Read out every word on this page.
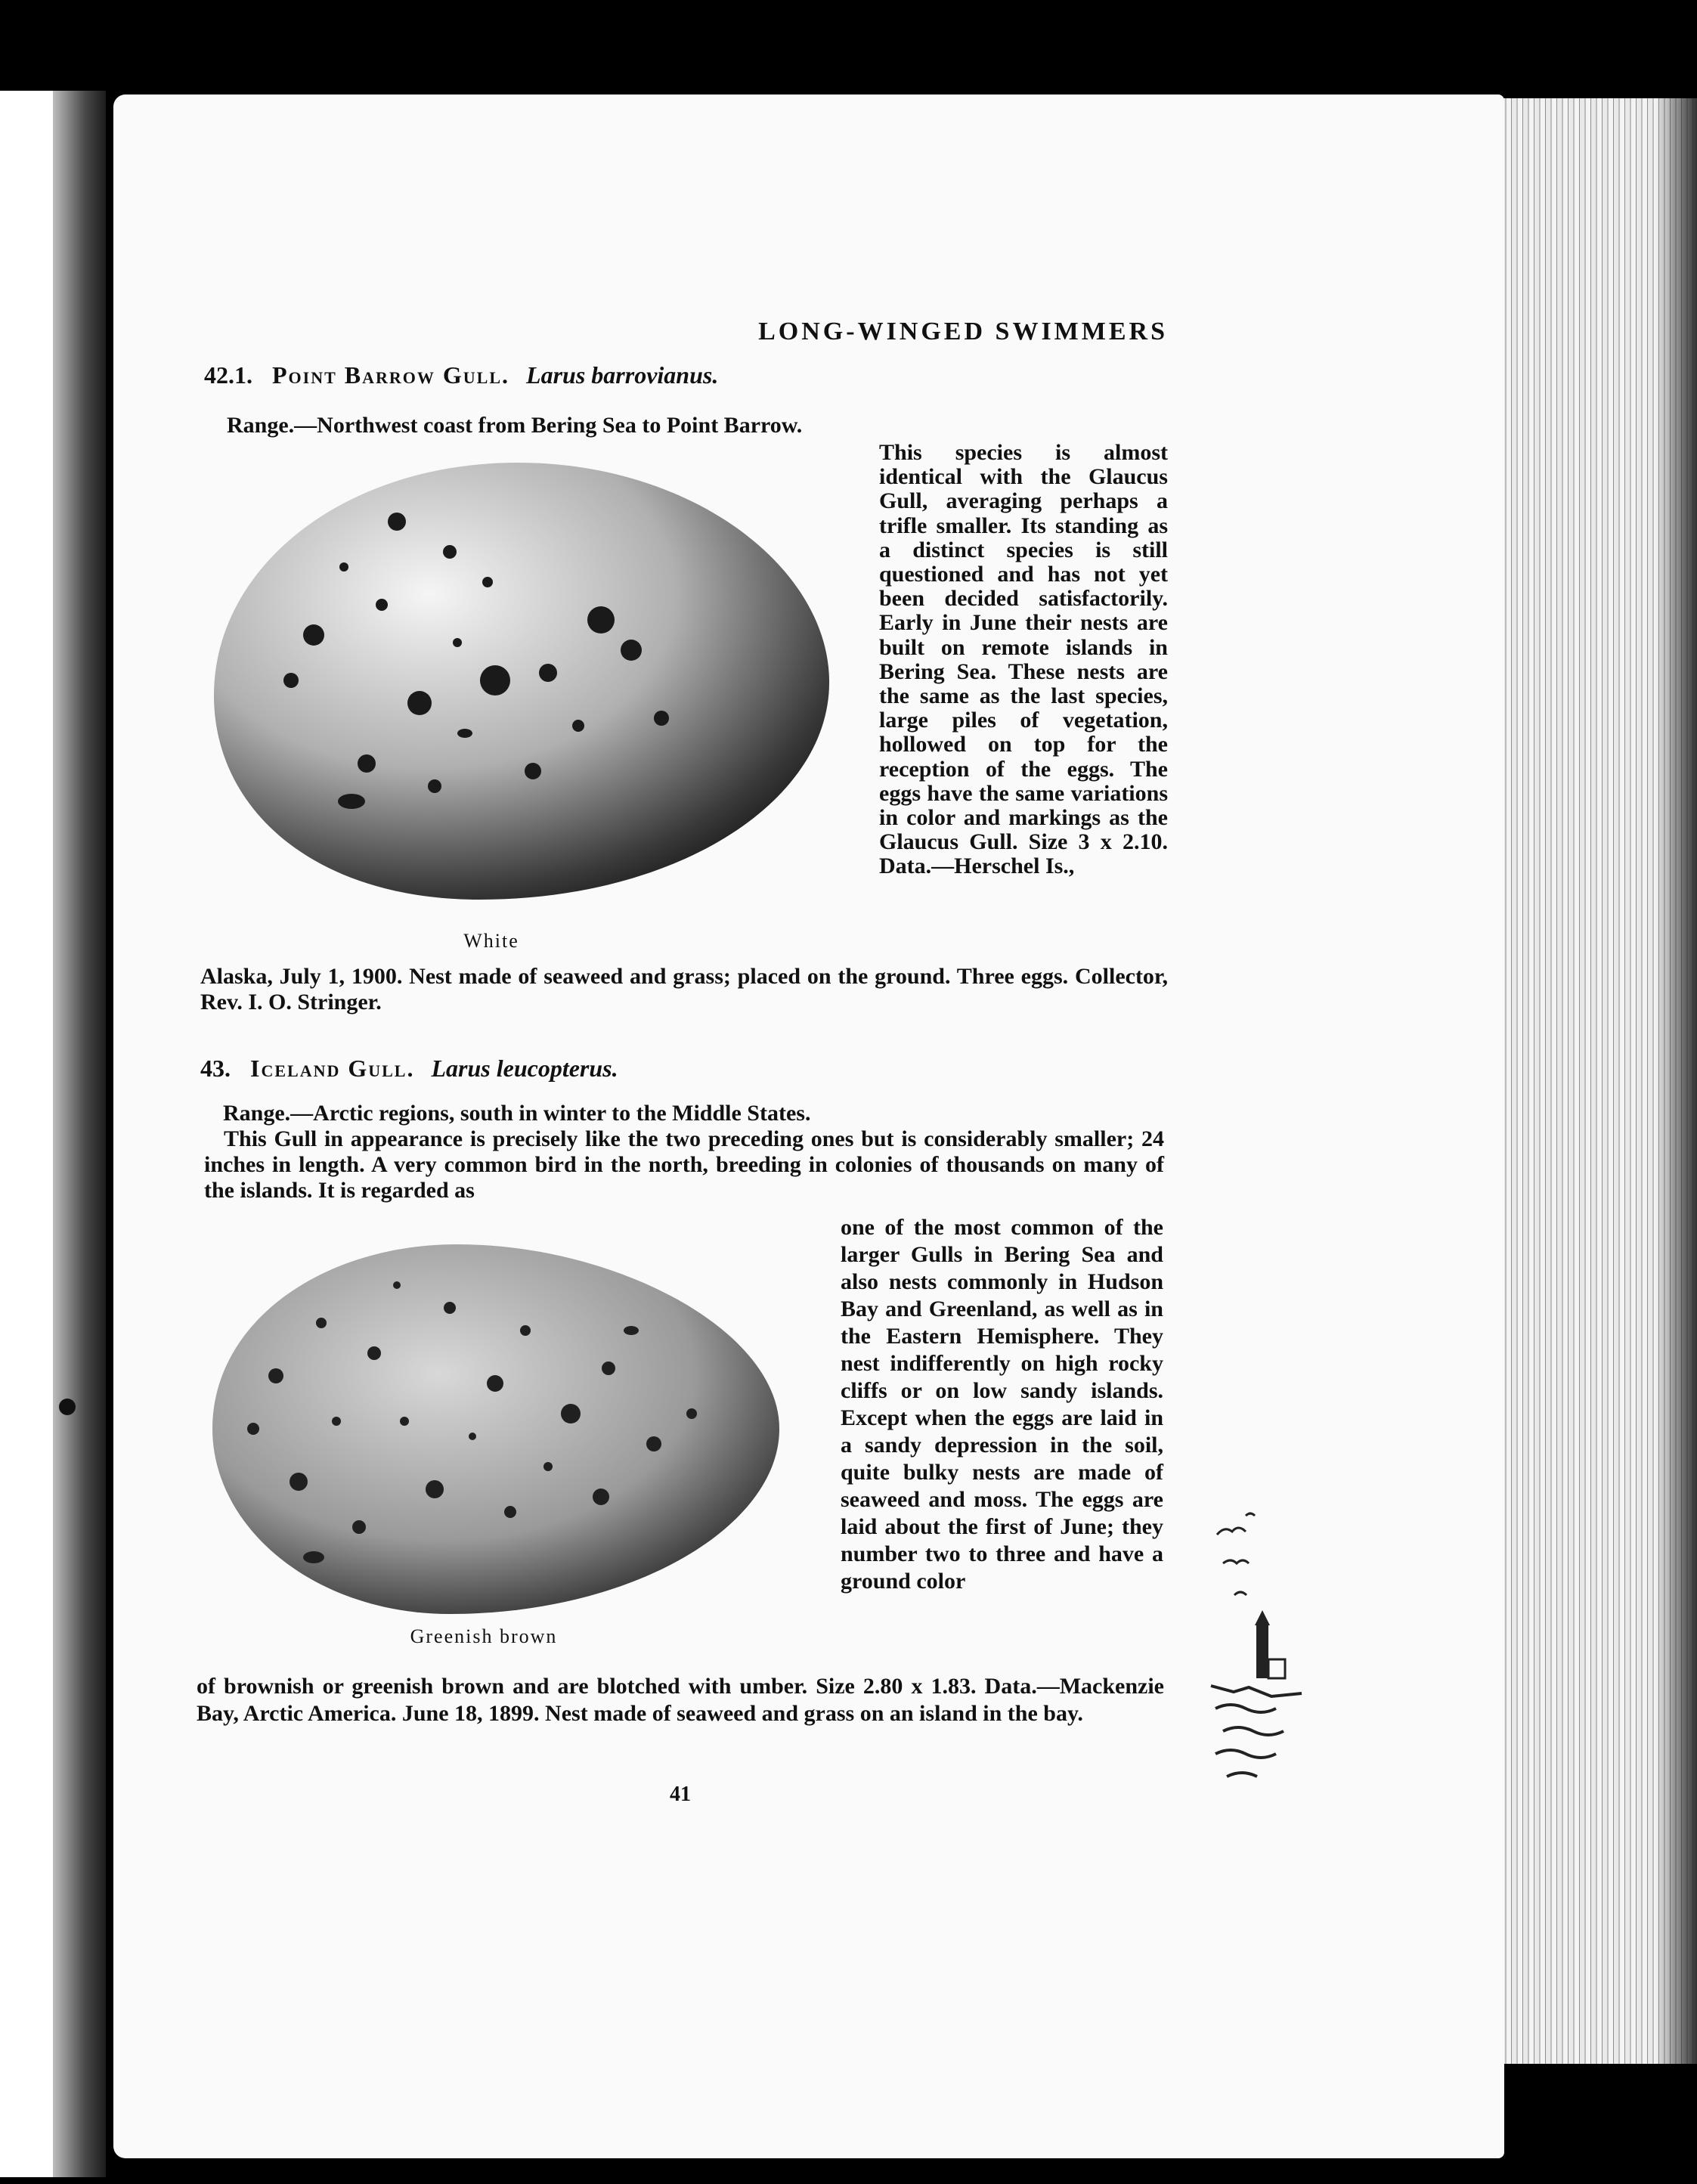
LONG-WINGED SWIMMERS
42.1. Point Barrow Gull. Larus barrovianus.
Range.—Northwest coast from Bering Sea to Point Barrow.
White

This species is almost identical with the Glaucus Gull, averaging perhaps a trifle smaller. Its standing as a distinct species is still questioned and has not yet been decided satisfactorily. Early in June their nests are built on remote islands in Bering Sea. These nests are the same as the last species, large piles of vegetation, hollowed on top for the reception of the eggs. The eggs have the same variations in color and markings as the Glaucus Gull. Size 3 x 2.10. Data.—Herschel Is.,

Alaska, July 1, 1900. Nest made of seaweed and grass; placed on the ground. Three eggs. Collector, Rev. I. O. Stringer.

43. Iceland Gull. Larus leucopterus.
Range.—Arctic regions, south in winter to the Middle States.

This Gull in appearance is precisely like the two preceding ones but is considerably smaller; 24 inches in length. A very common bird in the north, breeding in colonies of thousands on many of the islands. It is regarded as

Greenish brown

one of the most common of the larger Gulls in Bering Sea and also nests commonly in Hudson Bay and Greenland, as well as in the Eastern Hemisphere. They nest indifferently on high rocky cliffs or on low sandy islands. Except when the eggs are laid in a sandy depression in the soil, quite bulky nests are made of seaweed and moss. The eggs are laid about the first of June; they number two to three and have a ground color

of brownish or greenish brown and are blotched with umber. Size 2.80 x 1.83. Data.—Mackenzie Bay, Arctic America. June 18, 1899. Nest made of seaweed and grass on an island in the bay.

41
